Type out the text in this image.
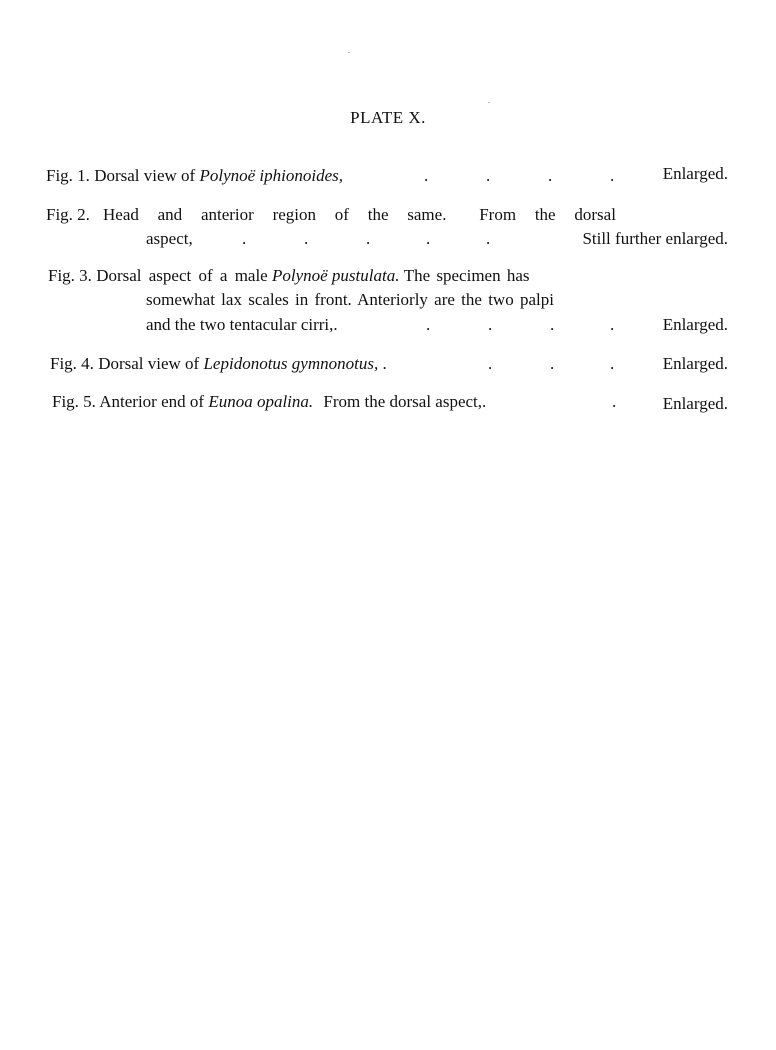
PLATE X.
Fig. 1. Dorsal view of Polynoë iphionoides,	.	.	.	.	Enlarged.
Fig. 2. Head and anterior region of the same. From the dorsal
aspect,	.	.	.	.	.	Still further enlarged.
Fig. 3. Dorsal aspect of a male Polynoë pustulata. The specimen has
somewhat lax scales in front. Anteriorly are the two palpi
and the two tentacular cirri,.	.	.	.	.	Enlarged.
Fig. 4. Dorsal view of Lepidonotus gymnonotus, .	.	.	.	Enlarged.
Fig. 5. Anterior end of Eunoa opalina. From the dorsal aspect,.	.	Enlarged.
